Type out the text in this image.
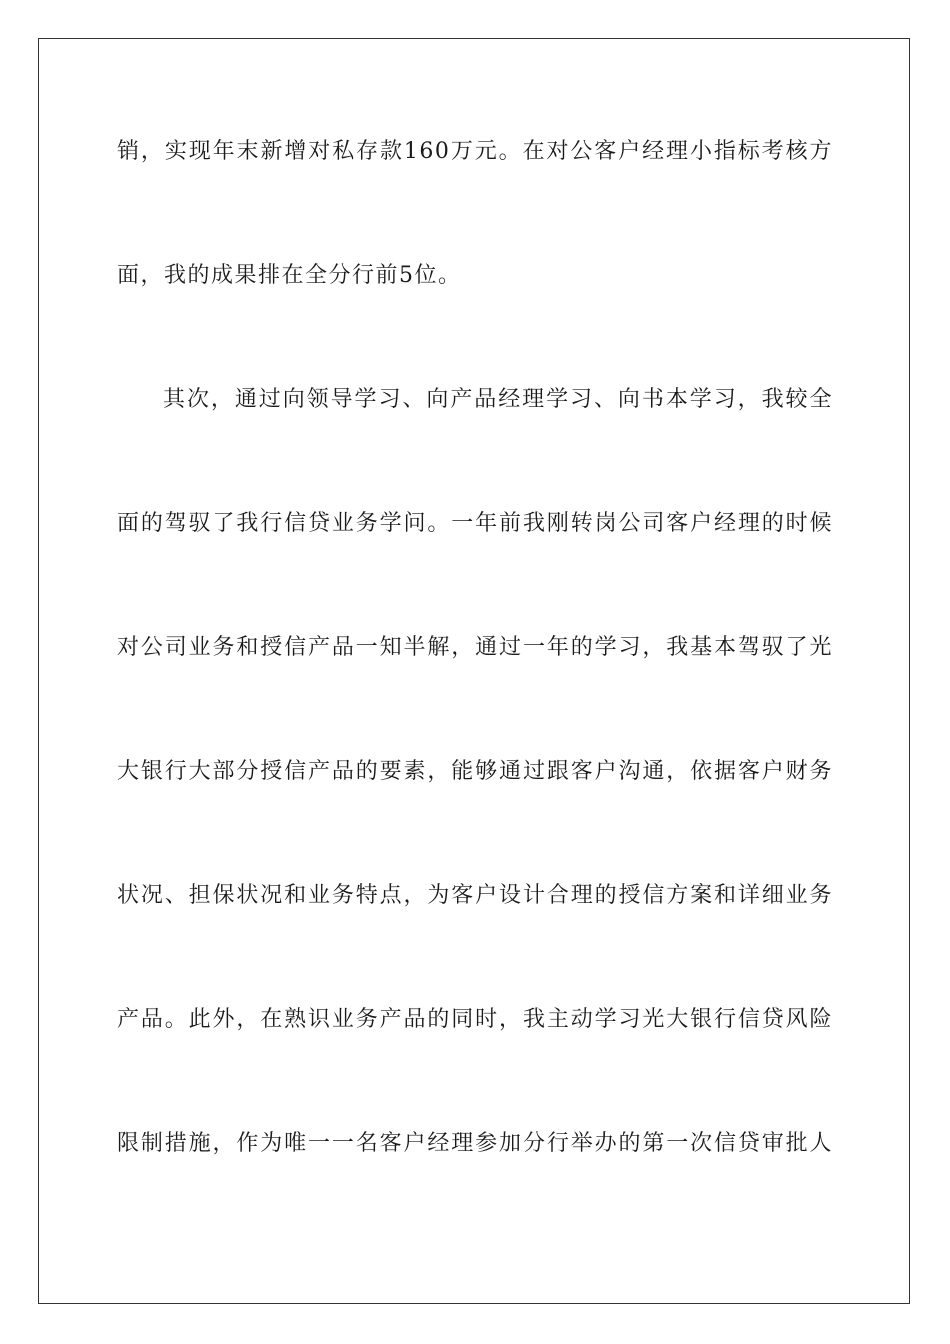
销，实现年末新增对私存款160万元。在对公客户经理小指标考核方
面，我的成果排在全分行前5位。
其次，通过向领导学习、向产品经理学习、向书本学习，我较全
面的驾驭了我行信贷业务学问。一年前我刚转岗公司客户经理的时候
对公司业务和授信产品一知半解，通过一年的学习，我基本驾驭了光
大银行大部分授信产品的要素，能够通过跟客户沟通，依据客户财务
状况、担保状况和业务特点，为客户设计合理的授信方案和详细业务
产品。此外，在熟识业务产品的同时，我主动学习光大银行信贷风险
限制措施，作为唯一一名客户经理参加分行举办的第一次信贷审批人
